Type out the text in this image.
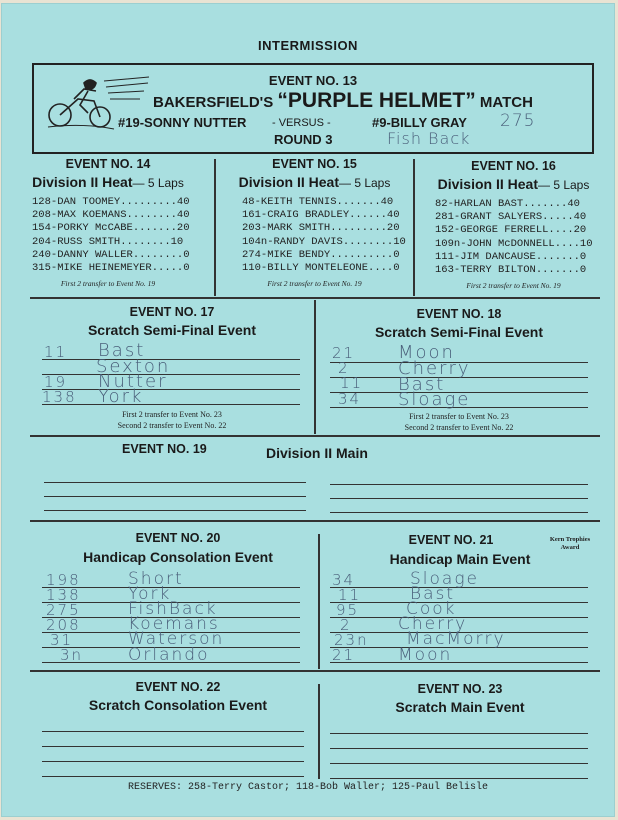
INTERMISSION
EVENT NO. 13
BAKERSFIELD'S “PURPLE HELMET” MATCH
#19-SONNY NUTTER - VERSUS -	#9-BILLY GRAY
ROUND 3
275
Fish Back
EVENT NO. 14
Division II Heat— 5 Laps
128-DAN TOOMEY.........40
208-MAX KOEMANS........40
154-PORKY McCABE.......20
204-RUSS SMITH........10
240-DANNY WALLER........0
315-MIKE HEINEMEYER.....0
First 2 transfer to Event No. 19
EVENT NO. 15
Division II Heat— 5 Laps
48-KEITH TENNIS.......40
161-CRAIG BRADLEY......40
203-MARK SMITH.........20
104n-RANDY DAVIS........10
274-MIKE BENDY..........0
110-BILLY MONTELEONE....0
First 2 transfer to Event No. 19
EVENT NO. 16
Division II Heat— 5 Laps
82-HARLAN BAST.......40
281-GRANT SALYERS.....40
152-GEORGE FERRELL....20
109n-JOHN McDONNELL....10
111-JIM DANCAUSE.......0
163-TERRY BILTON.......0
First 2 transfer to Event No. 19
EVENT NO. 17
Scratch Semi-Final Event
11 Bast
Sexton
19 Nutter
138 York
First 2 transfer to Event No. 23
Second 2 transfer to Event No. 22
EVENT NO. 18
Scratch Semi-Final Event
21 Moon
2	Cherry
11 Bast
34 Sloage
First 2 transfer to Event No. 23
Second 2 transfer to Event No. 22
EVENT NO. 19	Division II Main
EVENT NO. 20
Handicap Consolation Event
198	Short
138	York
275	FishBack
208	Koemans
31	Waterson
3n	Orlando
EVENT NO. 21	Kern Trophies
Award
Handicap Main Event
34	Sloage
11	Bast
95	Cook
2	Cherry
23n MacMorry
21	Moon
EVENT NO. 22
Scratch Consolation Event
EVENT NO. 23
Scratch Main Event
RESERVES: 258-Terry Castor; 118-Bob Waller; 125-Paul Belisle
